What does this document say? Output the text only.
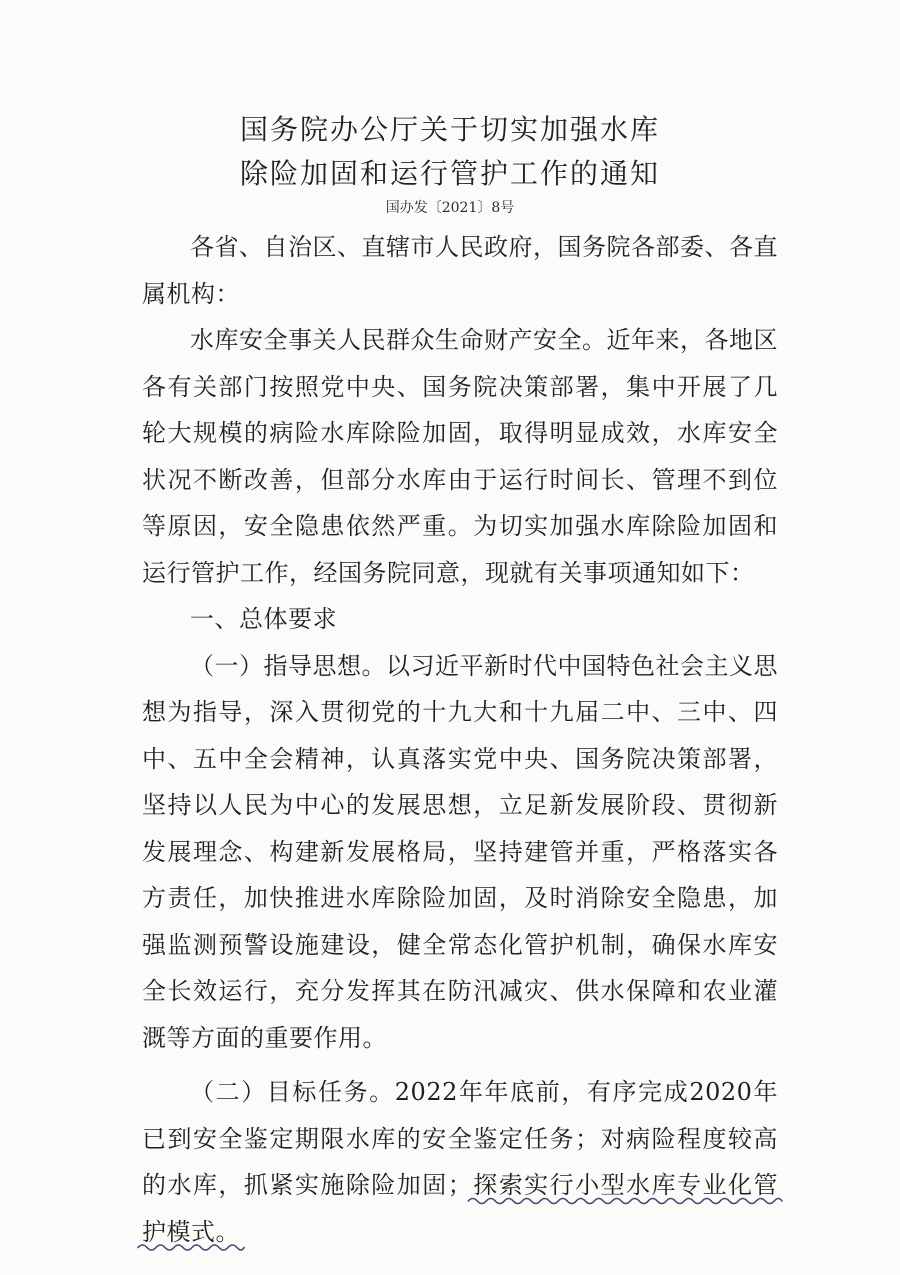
国务院办公厅关于切实加强水库
除险加固和运行管护工作的通知
国办发〔2021〕8号

各省、自治区、直辖市人民政府，国务院各部委、各直属机构：

水库安全事关人民群众生命财产安全。近年来，各地区各有关部门按照党中央、国务院决策部署，集中开展了几轮大规模的病险水库除险加固，取得明显成效，水库安全状况不断改善，但部分水库由于运行时间长、管理不到位等原因，安全隐患依然严重。为切实加强水库除险加固和运行管护工作，经国务院同意，现就有关事项通知如下：

一、总体要求

（一）指导思想。以习近平新时代中国特色社会主义思想为指导，深入贯彻党的十九大和十九届二中、三中、四中、五中全会精神，认真落实党中央、国务院决策部署，坚持以人民为中心的发展思想，立足新发展阶段、贯彻新发展理念、构建新发展格局，坚持建管并重，严格落实各方责任，加快推进水库除险加固，及时消除安全隐患，加强监测预警设施建设，健全常态化管护机制，确保水库安全长效运行，充分发挥其在防汛减灾、供水保障和农业灌溉等方面的重要作用。

（二）目标任务。2022年年底前，有序完成2020年已到安全鉴定期限水库的安全鉴定任务；对病险程度较高的水库，抓紧实施除险加固；探索实行小型水库专业化管护模式。
